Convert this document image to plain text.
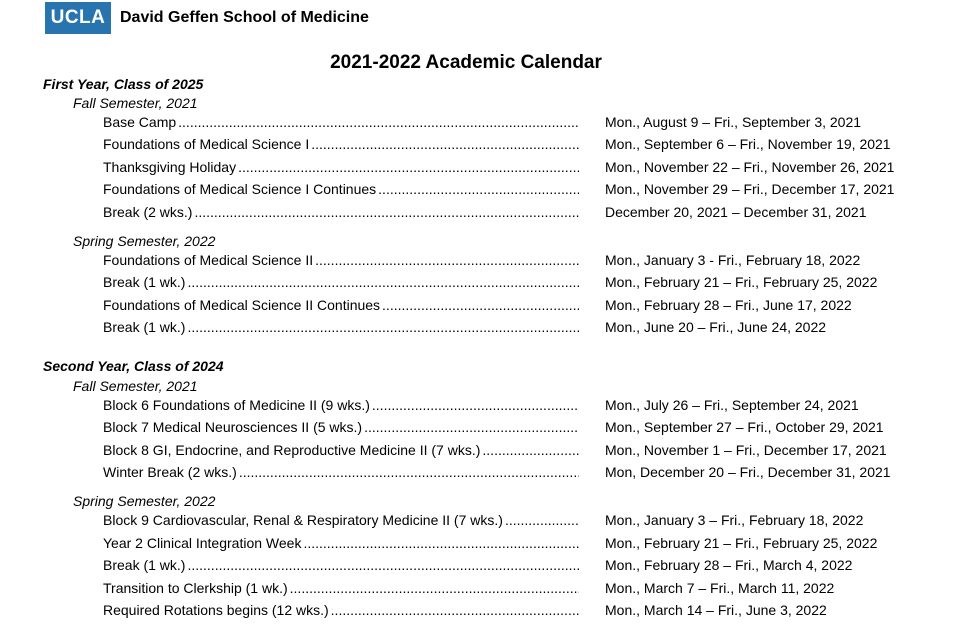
UCLA David Geffen School of Medicine
2021-2022 Academic Calendar
First Year, Class of 2025
Fall Semester, 2021
Base Camp .....	Mon., August 9 – Fri., September 3, 2021
Foundations of Medical Science I .....	Mon., September 6 – Fri., November 19, 2021
Thanksgiving Holiday .....	Mon., November 22 – Fri., November 26, 2021
Foundations of Medical Science I Continues .....	Mon., November 29 – Fri., December 17, 2021
Break (2 wks.) .....	December 20, 2021 – December 31, 2021
Spring Semester, 2022
Foundations of Medical Science II .....	Mon., January 3 - Fri., February 18, 2022
Break (1 wk.) .....	Mon., February 21 – Fri., February 25, 2022
Foundations of Medical Science II Continues .....	Mon., February 28 – Fri., June 17, 2022
Break (1 wk.) .....	Mon., June 20 – Fri., June 24, 2022
Second Year, Class of 2024
Fall Semester, 2021
Block 6 Foundations of Medicine II (9 wks.) .....	Mon., July 26 – Fri., September 24, 2021
Block 7 Medical Neurosciences II (5 wks.) .....	Mon., September 27 – Fri., October 29, 2021
Block 8 GI, Endocrine, and Reproductive Medicine II (7 wks.) .....	Mon., November 1 – Fri., December 17, 2021
Winter Break (2 wks.) .....	Mon, December 20 – Fri., December 31, 2021
Spring Semester, 2022
Block 9 Cardiovascular, Renal & Respiratory Medicine II (7 wks.) .....	Mon., January 3 – Fri., February 18, 2022
Year 2 Clinical Integration Week .....	Mon., February 21 – Fri., February 25, 2022
Break (1 wk.) .....	Mon., February 28 – Fri., March 4, 2022
Transition to Clerkship (1 wk.) .....	Mon., March 7 – Fri., March 11, 2022
Required Rotations begins (12 wks.) .....	Mon., March 14 – Fri., June 3, 2022
